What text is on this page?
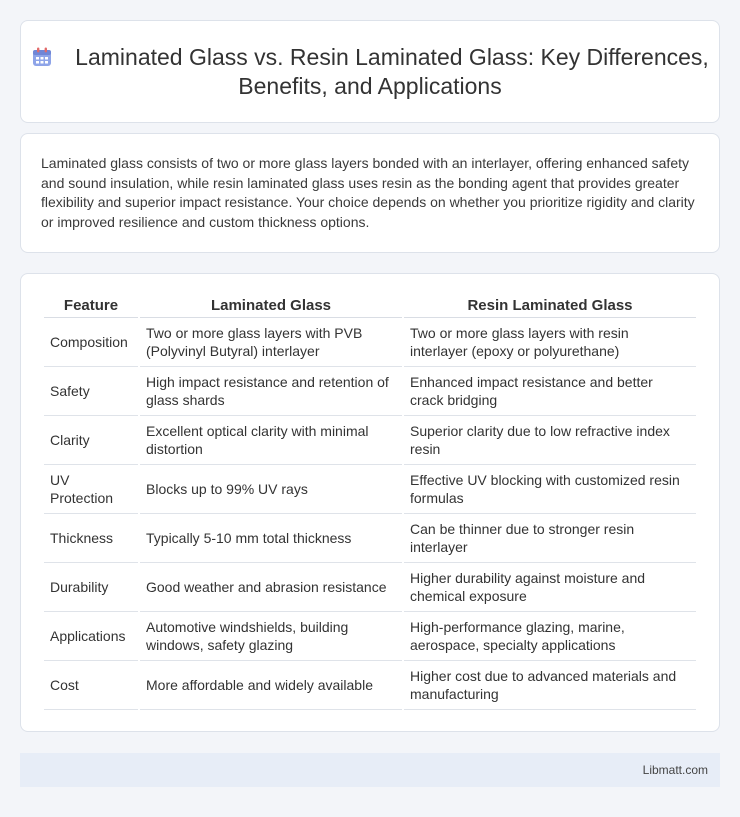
Laminated Glass vs. Resin Laminated Glass: Key Differences, Benefits, and Applications

Laminated glass consists of two or more glass layers bonded with an interlayer, offering enhanced safety and sound insulation, while resin laminated glass uses resin as the bonding agent that provides greater flexibility and superior impact resistance. Your choice depends on whether you prioritize rigidity and clarity or improved resilience and custom thickness options.

Feature	Laminated Glass	Resin Laminated Glass
Composition	Two or more glass layers with PVB (Polyvinyl Butyral) interlayer	Two or more glass layers with resin interlayer (epoxy or polyurethane)
Safety	High impact resistance and retention of glass shards	Enhanced impact resistance and better crack bridging
Clarity	Excellent optical clarity with minimal distortion	Superior clarity due to low refractive index resin
UV Protection	Blocks up to 99% UV rays	Effective UV blocking with customized resin formulas
Thickness	Typically 5-10 mm total thickness	Can be thinner due to stronger resin interlayer
Durability	Good weather and abrasion resistance	Higher durability against moisture and chemical exposure
Applications	Automotive windshields, building windows, safety glazing	High-performance glazing, marine, aerospace, specialty applications
Cost	More affordable and widely available	Higher cost due to advanced materials and manufacturing
Libmatt.com
